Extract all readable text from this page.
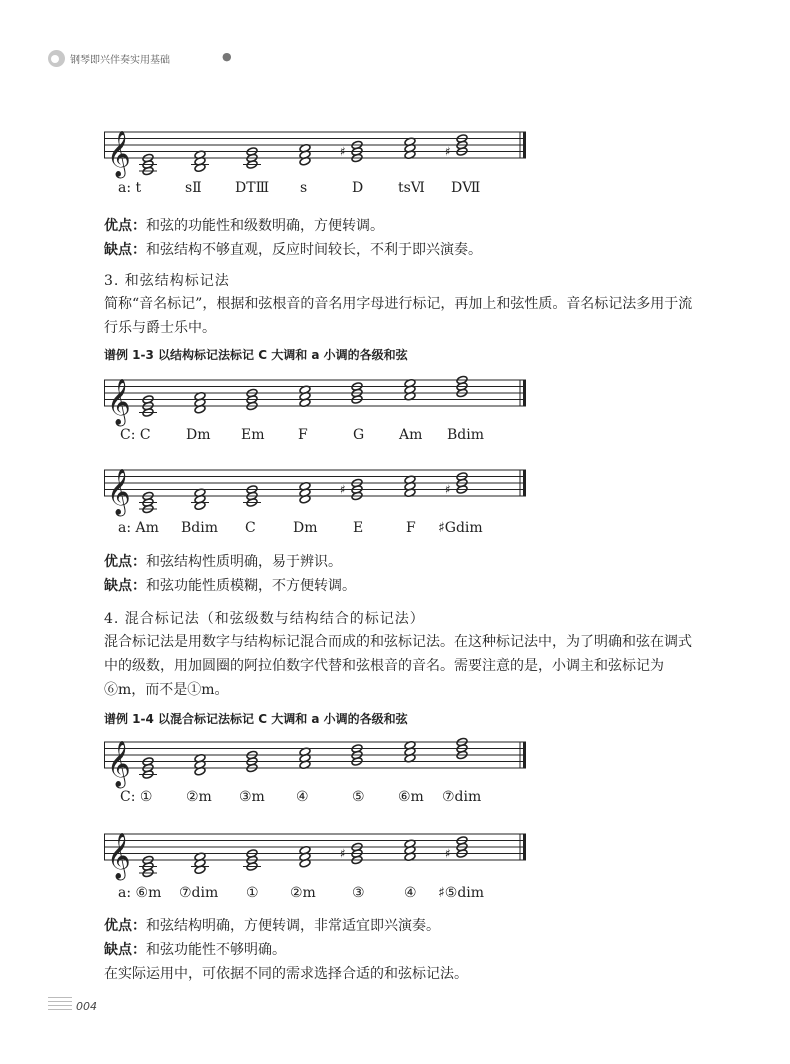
钢琴即兴伴奏实用基础	●
𝄞	♯	♯
a: t	sⅡ DTⅢ s	D tsⅥ DⅦ
优点：和弦的功能性和级数明确，方便转调。
缺点：和弦结构不够直观，反应时间较长，不利于即兴演奏。
3. 和弦结构标记法
简称“音名标记”，根据和弦根音的音名用字母进行标记，再加上和弦性质。音名标记法多用于流行乐与爵士乐中。
谱例 1-3 以结构标记法标记 C 大调和 a 小调的各级和弦
𝄞
C: C	Dm Em F	G Am Bdim
𝄞	♯	♯
a: Am Bdim C	Dm	E	F ♯Gdim
优点：和弦结构性质明确，易于辨识。
缺点：和弦功能性质模糊，不方便转调。
4. 混合标记法（和弦级数与结构结合的标记法）
混合标记法是用数字与结构标记混合而成的和弦标记法。在这种标记法中，为了明确和弦在调式中的级数，用加圆圈的阿拉伯数字代替和弦根音的音名。需要注意的是，小调主和弦标记为⑥m，而不是①m。
谱例 1-4 以混合标记法标记 C 大调和 a 小调的各级和弦
𝄞
C: ① ②m ③m ④	⑤ ⑥m ⑦dim
𝄞	♯	♯
a: ⑥m ⑦dim ① ②m	③	④ ♯⑤dim
优点：和弦结构明确，方便转调，非常适宜即兴演奏。
缺点：和弦功能性不够明确。
在实际运用中，可依据不同的需求选择合适的和弦标记法。
004
